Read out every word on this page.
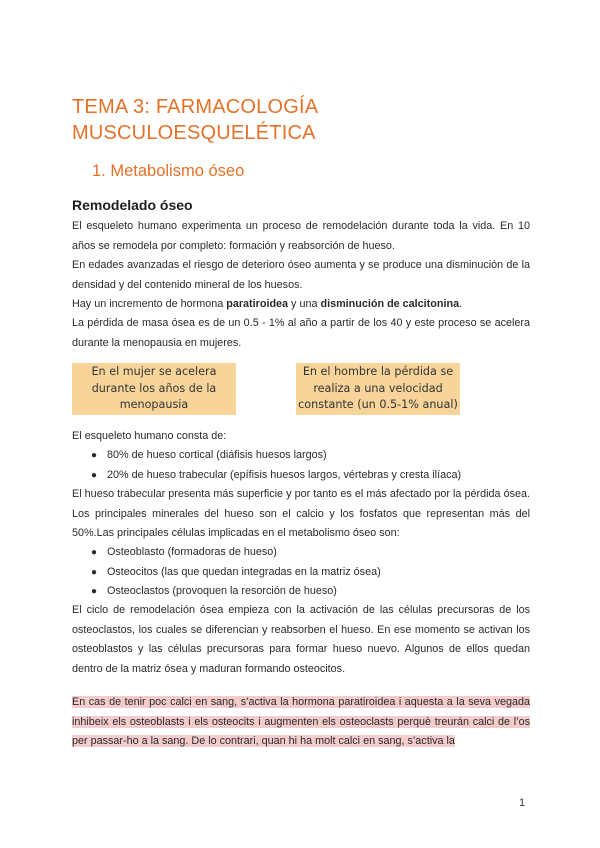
TEMA 3: FARMACOLOGÍA
MUSCULOESQUELÉTICA
1. Metabolismo óseo
Remodelado óseo

El esqueleto humano experimenta un proceso de remodelación durante toda la vida. En 10 años se remodela por completo: formación y reabsorción de hueso.

En edades avanzadas el riesgo de deterioro óseo aumenta y se produce una disminución de la densidad y del contenido mineral de los huesos.

Hay un incremento de hormona paratiroidea y una disminución de calcitonina.

La pérdida de masa ósea es de un 0.5 - 1% al año a partir de los 40 y este proceso se acelera durante la menopausia en mujeres.

En el mujer se acelera durante los años de la menopausia
En el hombre la pérdida se realiza a una velocidad constante (un 0.5-1% anual)

El esqueleto humano consta de:

● 80% de hueso cortical (diáfisis huesos largos)
● 20% de hueso trabecular (epífisis huesos largos, vértebras y cresta ilíaca)

El hueso trabecular presenta más superficie y por tanto es el más afectado por la pérdida ósea. Los principales minerales del hueso son el calcio y los fosfatos que representan más del 50%.Las principales células implicadas en el metabolismo óseo son:

● Osteoblasto (formadoras de hueso)
● Osteocitos (las que quedan integradas en la matriz ósea)
● Osteoclastos (provoquen la resorción de hueso)

El ciclo de remodelación ósea empieza con la activación de las células precursoras de los osteoclastos, los cuales se diferencian y reabsorben el hueso. En ese momento se activan los osteoblastos y las células precursoras para formar hueso nuevo. Algunos de ellos quedan dentro de la matriz ósea y maduran formando osteocitos.

En cas de tenir poc calci en sang, s’activa la hormona paratiroidea i aquesta a la seva vegada inhibeix els osteoblasts i els osteocits i augmenten els osteoclasts perquè treurán calci de l’os per passar-ho a la sang. De lo contrari, quan hi ha molt calci en sang, s’activa la

1
